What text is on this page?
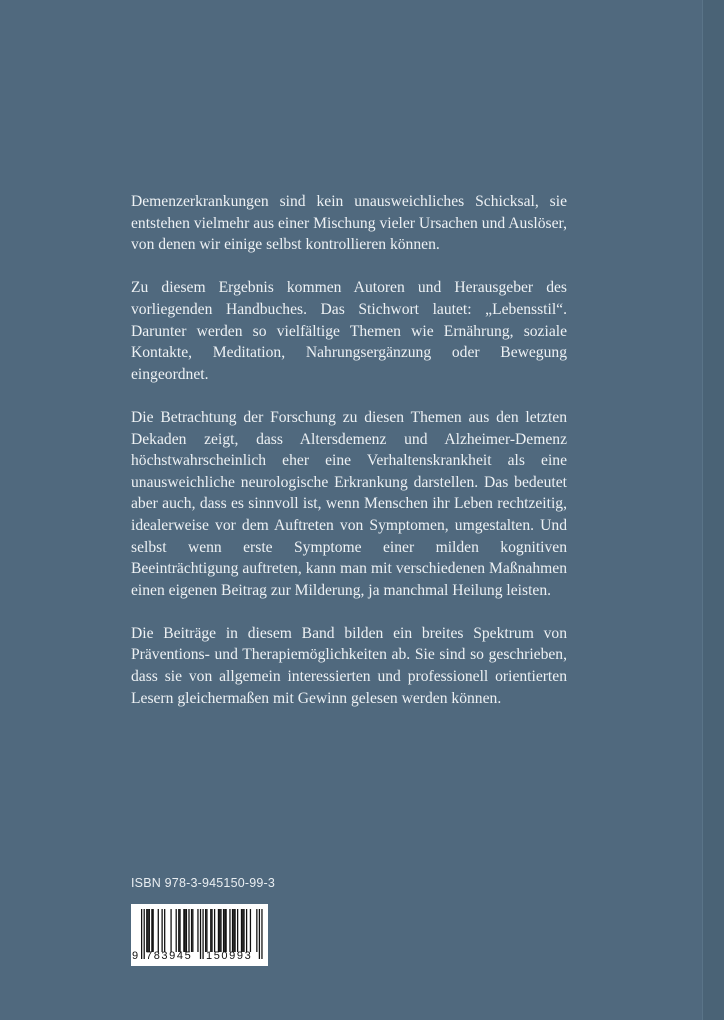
Demenzerkrankungen sind kein unausweichliches Schicksal, sie entstehen vielmehr aus einer Mischung vieler Ursachen und Auslöser, von denen wir einige selbst kontrollieren können.

Zu diesem Ergebnis kommen Autoren und Herausgeber des vorliegenden Handbuches. Das Stichwort lautet: „Lebensstil“. Darunter werden so vielfältige Themen wie Ernährung, soziale Kontakte, Meditation, Nahrungsergänzung oder Bewegung eingeordnet.

Die Betrachtung der Forschung zu diesen Themen aus den letzten Dekaden zeigt, dass Altersdemenz und Alzheimer-Demenz höchstwahrscheinlich eher eine Verhaltenskrankheit als eine unausweichliche neurologische Erkrankung darstellen. Das bedeutet aber auch, dass es sinnvoll ist, wenn Menschen ihr Leben rechtzeitig, idealerweise vor dem Auftreten von Symptomen, umgestalten. Und selbst wenn erste Symptome einer milden kognitiven Beeinträchtigung auftreten, kann man mit verschiedenen Maßnahmen einen eigenen Beitrag zur Milderung, ja manchmal Heilung leisten.

Die Beiträge in diesem Band bilden ein breites Spektrum von Präventions- und Therapiemöglichkeiten ab. Sie sind so geschrieben, dass sie von allgemein interessierten und professionell orientierten Lesern gleichermaßen mit Gewinn gelesen werden können.

ISBN 978-3-945150-99-3
9 783945 150993
